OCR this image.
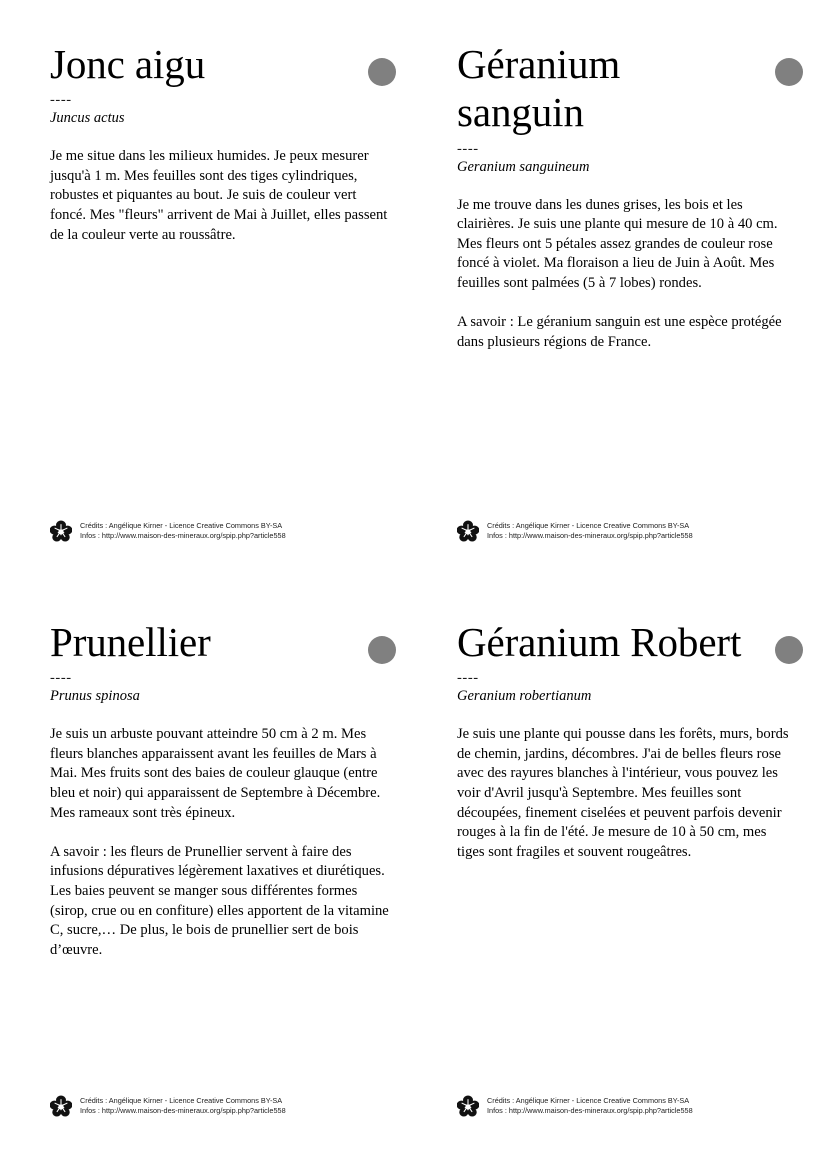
Jonc aigu
----
Juncus actus

Je me situe dans les milieux humides. Je peux mesurer jusqu'à 1 m. Mes feuilles sont des tiges cylindriques, robustes et piquantes au bout. Je suis de couleur vert foncé. Mes "fleurs" arrivent de Mai à Juillet, elles passent de la couleur verte au roussâtre.

Géranium sanguin
----
Geranium sanguineum

Je me trouve dans les dunes grises, les bois et les clairières. Je suis une plante qui mesure de 10 à 40 cm. Mes fleurs ont 5 pétales assez grandes de couleur rose foncé à violet. Ma floraison a lieu de Juin à Août. Mes feuilles sont palmées (5 à 7 lobes) rondes.

A savoir : Le géranium sanguin est une espèce protégée dans plusieurs régions de France.

Prunellier
----
Prunus spinosa

Je suis un arbuste pouvant atteindre 50 cm à 2 m. Mes fleurs blanches apparaissent avant les feuilles de Mars à Mai. Mes fruits sont des baies de couleur glauque (entre bleu et noir) qui apparaissent de Septembre à Décembre. Mes rameaux sont très épineux.

A savoir : les fleurs de Prunellier servent à faire des infusions dépuratives légèrement laxatives et diurétiques. Les baies peuvent se manger sous différentes formes (sirop, crue ou en confiture) elles apportent de la vitamine C, sucre,… De plus, le bois de prunellier sert de bois d’œuvre.

Géranium Robert
----
Geranium robertianum

Je suis une plante qui pousse dans les forêts, murs, bords de chemin, jardins, décombres. J'ai de belles fleurs rose avec des rayures blanches à l'intérieur, vous pouvez les voir d'Avril jusqu'à Septembre. Mes feuilles sont découpées, finement ciselées et peuvent parfois devenir rouges à la fin de l'été. Je mesure de 10 à 50 cm, mes tiges sont fragiles et souvent rougeâtres.

Crédits : Angélique Kirner - Licence Creative Commons BY-SA
Infos : http://www.maison-des-mineraux.org/spip.php?article558
Crédits : Angélique Kirner - Licence Creative Commons BY-SA
Infos : http://www.maison-des-mineraux.org/spip.php?article558
Crédits : Angélique Kirner - Licence Creative Commons BY-SA
Infos : http://www.maison-des-mineraux.org/spip.php?article558
Crédits : Angélique Kirner - Licence Creative Commons BY-SA
Infos : http://www.maison-des-mineraux.org/spip.php?article558
